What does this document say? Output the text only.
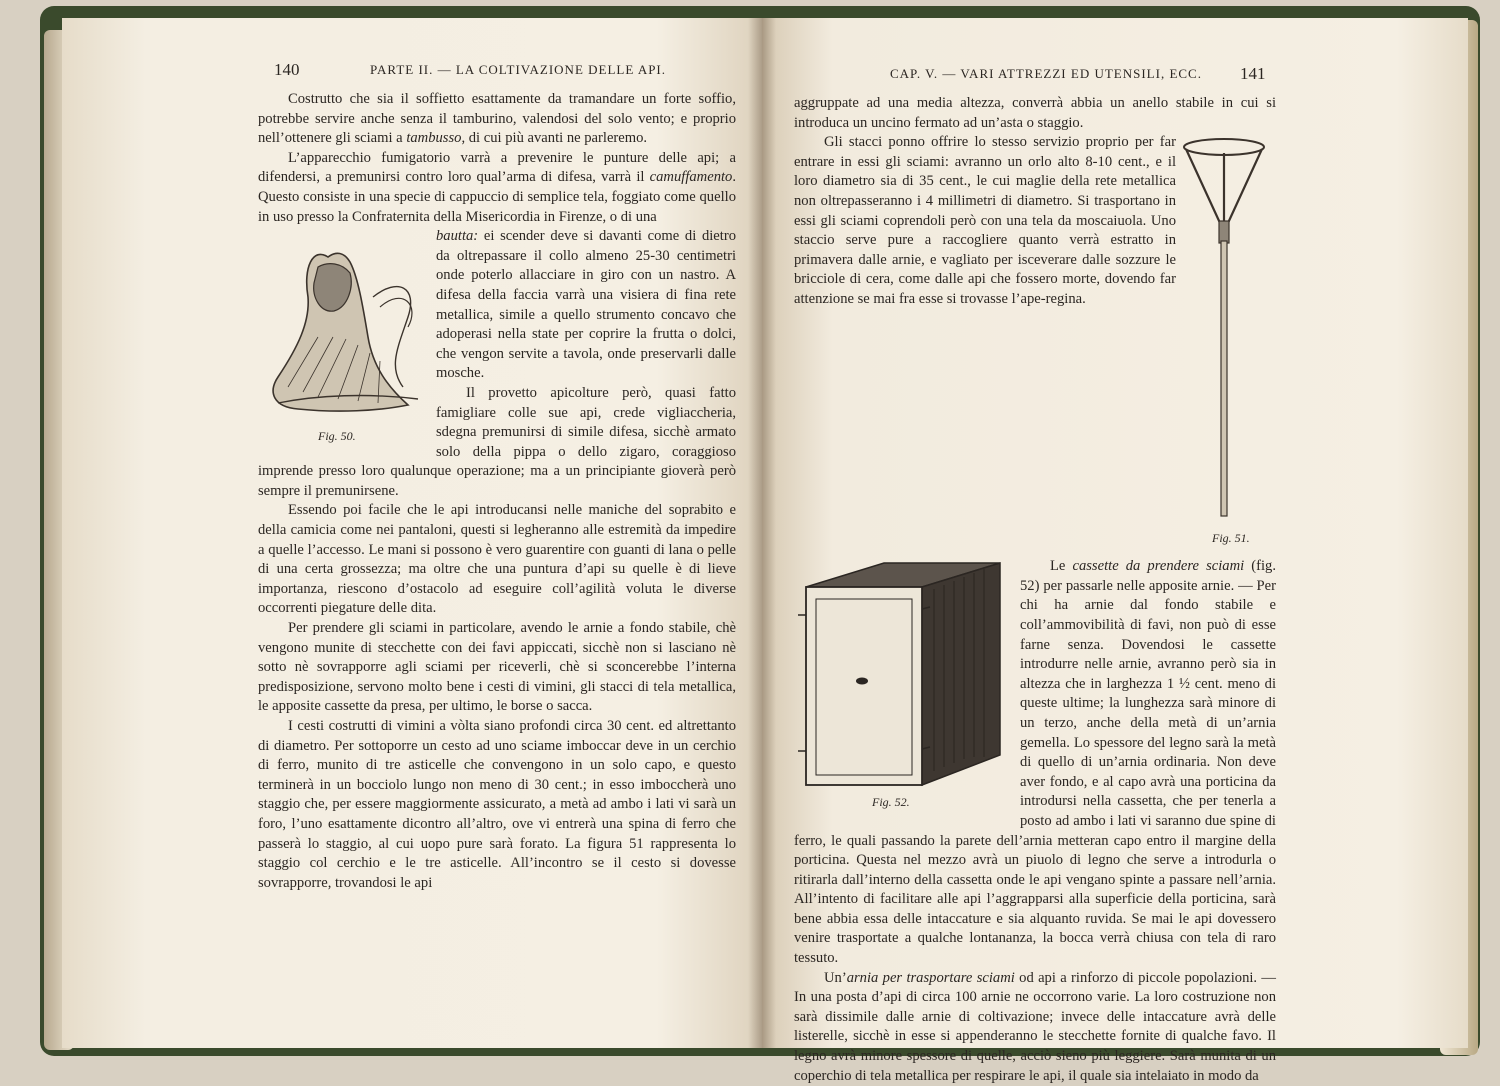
140	PARTE II. — LA COLTIVAZIONE DELLE API.

Costrutto che sia il soffietto esattamente da tramandare un forte soffio, potrebbe servire anche senza il tamburino, valendosi del solo vento; e proprio nell’ottenere gli sciami a tambusso, di cui più avanti ne parleremo.

L’apparecchio fumigatorio varrà a prevenire le punture delle api; a difendersi, a premunirsi contro loro qual’arma di difesa, varrà il camuffamento. Questo consiste in una specie di cappuccio di semplice tela, foggiato come quello in uso presso la Confraternita della Misericordia in Firenze, o di una

Fig. 50.

bautta: ei scender deve si davanti come di dietro da oltrepassare il collo almeno 25-30 centimetri onde poterlo allacciare in giro con un nastro. A difesa della faccia varrà una visiera di fina rete metallica, simile a quello strumento concavo che adoperasi nella state per coprire la frutta o dolci, che vengon servite a tavola, onde preservarli dalle mosche.

Il provetto apicolture però, quasi fatto famigliare colle sue api, crede vigliaccheria, sdegna premunirsi di simile difesa, sicchè armato solo della pippa o dello zigaro, coraggioso imprende presso loro qualunque operazione; ma a un principiante gioverà però sempre il premunirsene.

Essendo poi facile che le api introducansi nelle maniche del soprabito e della camicia come nei pantaloni, questi si legheranno alle estremità da impedire a quelle l’accesso. Le mani si possono è vero guarentire con guanti di lana o pelle di una certa grossezza; ma oltre che una puntura d’api su quelle è di lieve importanza, riescono d’ostacolo ad eseguire coll’agilità voluta le diverse occorrenti piegature delle dita.

Per prendere gli sciami in particolare, avendo le arnie a fondo stabile, chè vengono munite di stecchette con dei favi appiccati, sicchè non si lasciano nè sotto nè sovrapporre agli sciami per riceverli, chè si sconcerebbe l’interna predisposizione, servono molto bene i cesti di vimini, gli stacci di tela metallica, le apposite cassette da presa, per ultimo, le borse o sacca.

I cesti costrutti di vimini a vòlta siano profondi circa 30 cent. ed altrettanto di diametro. Per sottoporre un cesto ad uno sciame imboccar deve in un cerchio di ferro, munito di tre asticelle che convengono in un solo capo, e questo terminerà in un bocciolo lungo non meno di 30 cent.; in esso imboccherà uno staggio che, per essere maggiormente assicurato, a metà ad ambo i lati vi sarà un foro, l’uno esattamente dicontro all’altro, ove vi entrerà una spina di ferro che passerà lo staggio, al cui uopo pure sarà forato. La figura 51 rappresenta lo staggio col cerchio e le tre asticelle. All’incontro se il cesto si dovesse sovrapporre, trovandosi le api

CAP. V. — VARI ATTREZZI ED UTENSILI, ECC. 141

aggruppate ad una media altezza, converrà abbia un anello stabile in cui si introduca un uncino fermato ad un’asta o staggio.

Fig. 51.

Gli stacci ponno offrire lo stesso servizio proprio per far entrare in essi gli sciami: avranno un orlo alto 8-10 cent., e il loro diametro sia di 35 cent., le cui maglie della rete metallica non oltrepasseranno i 4 millimetri di diametro. Si trasportano in essi gli sciami coprendoli però con una tela da moscaiuola. Uno staccio serve pure a raccogliere quanto verrà estratto in primavera dalle arnie, e vagliato per isceverare dalle sozzure le bricciole di cera, come dalle api che fossero morte, dovendo far attenzione se mai fra esse si trovasse l’ape-regina.

Fig. 52.

Le cassette da prendere sciami (fig. 52) per passarle nelle apposite arnie. — Per chi ha arnie dal fondo stabile e coll’ammovibilità di favi, non può di esse farne senza. Dovendosi le cassette introdurre nelle arnie, avranno però sia in altezza che in larghezza 1 ½ cent. meno di queste ultime; la lunghezza sarà minore di un terzo, anche della metà di un’arnia gemella. Lo spessore del legno sarà la metà di quello di un’arnia ordinaria. Non deve aver fondo, e al capo avrà una porticina da introdursi nella cassetta, che per tenerla a posto ad ambo i lati vi saranno due spine di ferro, le quali passando la parete dell’arnia metteran capo entro il margine della porticina. Questa nel mezzo avrà un piuolo di legno che serve a introdurla o ritirarla dall’interno della cassetta onde le api vengano spinte a passare nell’arnia. All’intento di facilitare alle api l’aggrapparsi alla superficie della porticina, sarà bene abbia essa delle intaccature e sia alquanto ruvida. Se mai le api dovessero venire trasportate a qualche lontananza, la bocca verrà chiusa con tela di raro tessuto.

Un’arnia per trasportare sciami od api a rinforzo di piccole popolazioni. — In una posta d’api di circa 100 arnie ne occorrono varie. La loro costruzione non sarà dissimile dalle arnie di coltivazione; invece delle intaccature avrà delle listerelle, sicchè in esse si appenderanno le stecchette fornite di qualche favo. Il legno avrà minore spessore di quelle, acciò sieno più leggiere. Sarà munita di un coperchio di tela metallica per respirare le api, il quale sia intelaiato in modo da
